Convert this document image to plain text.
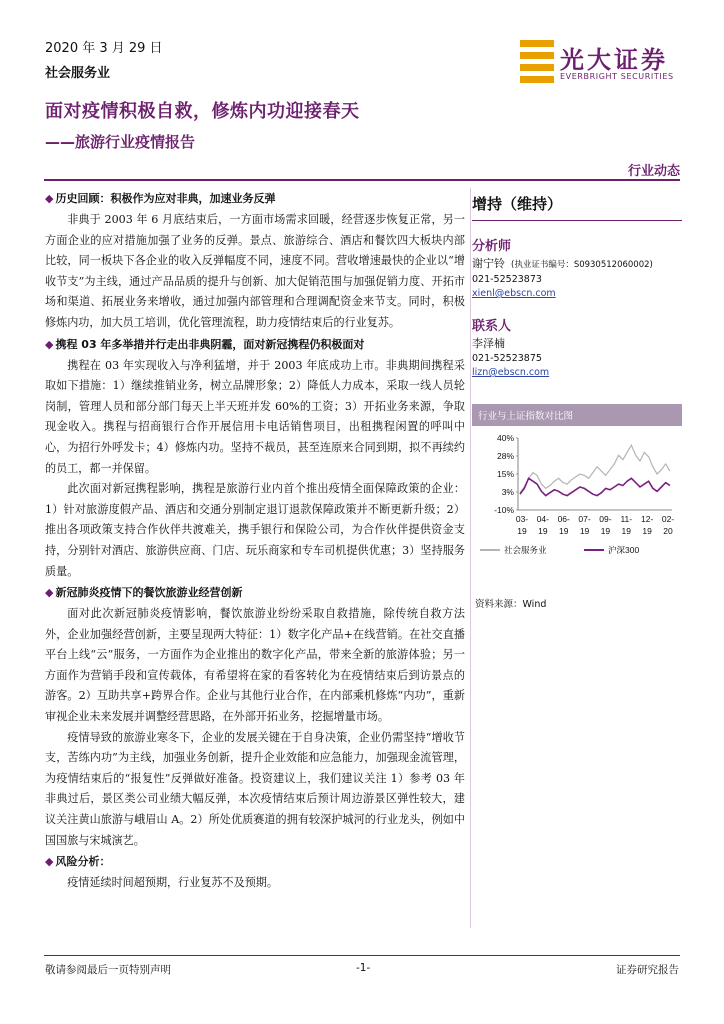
2020 年 3 月 29 日
社会服务业
面对疫情积极自救，修炼内功迎接春天
——旅游行业疫情报告
行业动态
光大证券
EVERBRIGHT SECURITIES
◆ 历史回顾：积极作为应对非典，加速业务反弹

非典于 2003 年 6 月底结束后，一方面市场需求回暖，经营逐步恢复正常，另一方面企业的应对措施加强了业务的反弹。景点、旅游综合、酒店和餐饮四大板块内部比较，同一板块下各企业的收入反弹幅度不同，速度不同。营收增速最快的企业以“增收节支”为主线，通过产品品质的提升与创新、加大促销范围与加强促销力度、开拓市场和渠道、拓展业务来增收，通过加强内部管理和合理调配资金来节支。同时，积极修炼内功，加大员工培训，优化管理流程，助力疫情结束后的行业复苏。

◆ 携程 03 年多举措并行走出非典阴霾，面对新冠携程仍积极面对

携程在 03 年实现收入与净利猛增，并于 2003 年底成功上市。非典期间携程采取如下措施：1）继续推销业务，树立品牌形象；2）降低人力成本，采取一线人员轮岗制，管理人员和部分部门每天上半天班并发 60%的工资；3）开拓业务来源，争取现金收入。携程与招商银行合作开展信用卡电话销售项目，出租携程闲置的呼叫中心，为招行外呼发卡；4）修炼内功。坚持不裁员，甚至连原来合同到期，拟不再续约的员工，都一并保留。

此次面对新冠携程影响，携程是旅游行业内首个推出疫情全面保障政策的企业：1）针对旅游度假产品、酒店和交通分别制定退订退款保障政策并不断更新升级；2）推出各项政策支持合作伙伴共渡难关，携手银行和保险公司，为合作伙伴提供资金支持，分别针对酒店、旅游供应商、门店、玩乐商家和专车司机提供优惠；3）坚持服务质量。

◆ 新冠肺炎疫情下的餐饮旅游业经营创新

面对此次新冠肺炎疫情影响，餐饮旅游业纷纷采取自救措施，除传统自救方法外，企业加强经营创新，主要呈现两大特征：1）数字化产品+在线营销。在社交直播平台上线“云”服务，一方面作为企业推出的数字化产品，带来全新的旅游体验；另一方面作为营销手段和宣传载体，有希望将在家的看客转化为在疫情结束后到访景点的游客。2）互助共享+跨界合作。企业与其他行业合作，在内部乘机修炼“内功”，重新审视企业未来发展并调整经营思路，在外部开拓业务，挖掘增量市场。

疫情导致的旅游业寒冬下，企业的发展关键在于自身决策，企业仍需坚持“增收节支，苦练内功”为主线，加强业务创新，提升企业效能和应急能力，加强现金流管理，为疫情结束后的“报复性”反弹做好准备。投资建议上，我们建议关注 1）参考 03 年非典过后，景区类公司业绩大幅反弹，本次疫情结束后预计周边游景区弹性较大，建议关注黄山旅游与峨眉山 A。2）所处优质赛道的拥有较深护城河的行业龙头，例如中国国旅与宋城演艺。

◆ 风险分析：

疫情延续时间超预期，行业复苏不及预期。

增持（维持）
分析师
谢宁铃 (执业证书编号：S0930512060002)
021-52523873
xienl@ebscn.com
联系人
李泽楠
021-52523875
lizn@ebscn.com
行业与上证指数对比图
40%
28%
15%
3%
-10%
03-
19
04-
19
06-
19
07-
19
09-
19
11-
19
12-
19
02-
20
社会服务业	沪深300
资料来源：Wind
敬请参阅最后一页特别声明	-1-	证券研究报告
